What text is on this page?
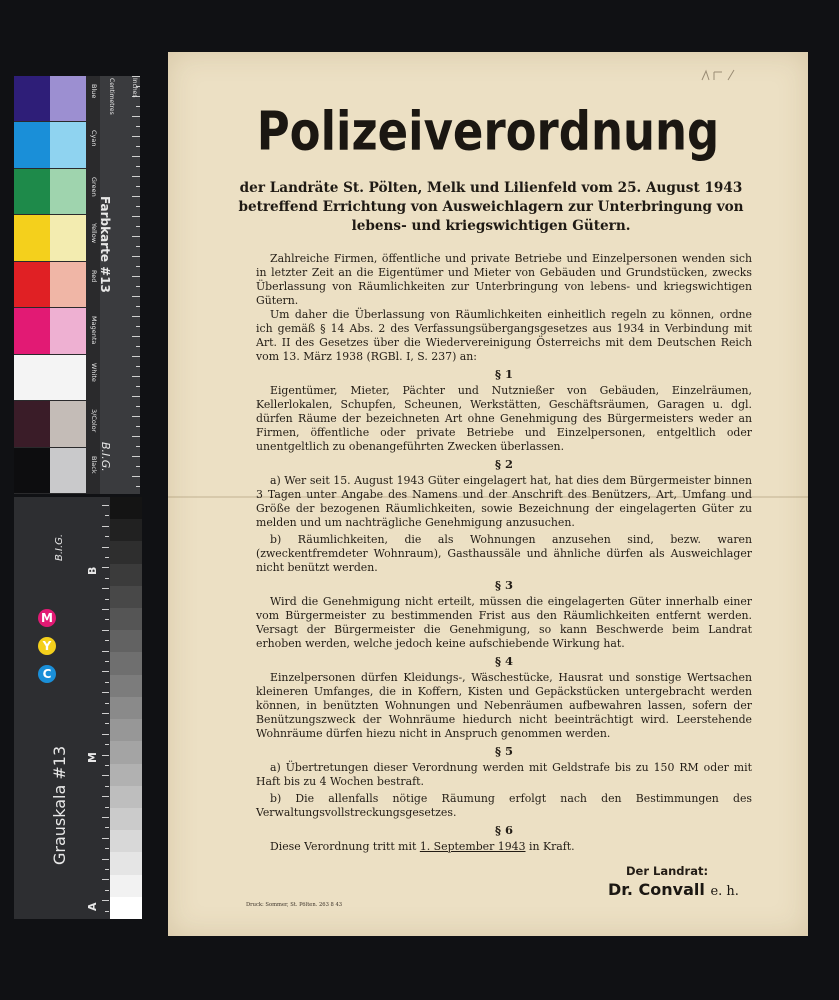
Farbkarte #13
B.I.G.
Inches
Centimetres
Blue
Cyan
Green
Yellow
Red
Magenta
White
3/Color
Black
Grauskala #13
B.I.G.
C
Y
M
A
M
B
Polizeiverordnung
der Landräte St. Pölten, Melk und Lilienfeld vom 25. August 1943 betreffend Errichtung von Ausweichlagern zur Unterbringung von lebens- und kriegswichtigen Gütern.

Zahlreiche Firmen, öffentliche und private Betriebe und Einzelpersonen wenden sich in letzter Zeit an die Eigentümer und Mieter von Gebäuden und Grundstücken, zwecks Überlassung von Räumlichkeiten zur Unterbringung von lebens- und kriegswichtigen Gütern.

Um daher die Überlassung von Räumlichkeiten einheitlich regeln zu können, ordne ich gemäß § 14 Abs. 2 des Verfassungsübergangsgesetzes aus 1934 in Verbindung mit Art. II des Gesetzes über die Wiedervereinigung Österreichs mit dem Deutschen Reich vom 13. März 1938 (RGBl. I, S. 237) an:

§ 1

Eigentümer, Mieter, Pächter und Nutznießer von Gebäuden, Einzelräumen, Kellerlokalen, Schupfen, Scheunen, Werkstätten, Geschäftsräumen, Garagen u. dgl. dürfen Räume der bezeichneten Art ohne Genehmigung des Bürgermeisters weder an Firmen, öffentliche oder private Betriebe und Einzelpersonen, entgeltlich oder unentgeltlich zu obenangeführten Zwecken überlassen.

§ 2

a) Wer seit 15. August 1943 Güter eingelagert hat, hat dies dem Bürgermeister binnen 3 Tagen unter Angabe des Namens und der Anschrift des Benützers, Art, Umfang und Größe der bezogenen Räumlichkeiten, sowie Bezeichnung der eingelagerten Güter zu melden und um nachträgliche Genehmigung anzusuchen.

b) Räumlichkeiten, die als Wohnungen anzusehen sind, bezw. waren (zweckentfremdeter Wohnraum), Gasthaussäle und ähnliche dürfen als Ausweichlager nicht benützt werden.

§ 3

Wird die Genehmigung nicht erteilt, müssen die eingelagerten Güter innerhalb einer vom Bürgermeister zu bestimmenden Frist aus den Räumlichkeiten entfernt werden. Versagt der Bürgermeister die Genehmigung, so kann Beschwerde beim Landrat erhoben werden, welche jedoch keine aufschiebende Wirkung hat.

§ 4

Einzelpersonen dürfen Kleidungs-, Wäschestücke, Hausrat und sonstige Wertsachen kleineren Umfanges, die in Koffern, Kisten und Gepäckstücken untergebracht werden können, in benützten Wohnungen und Nebenräumen aufbewahren lassen, sofern der Benützungszweck der Wohnräume hiedurch nicht beeinträchtigt wird. Leerstehende Wohnräume dürfen hiezu nicht in Anspruch genommen werden.

§ 5

a) Übertretungen dieser Verordnung werden mit Geldstrafe bis zu 150 RM oder mit Haft bis zu 4 Wochen bestraft.

b) Die allenfalls nötige Räumung erfolgt nach den Bestimmungen des Verwaltungsvollstreckungsgesetzes.

§ 6

Diese Verordnung tritt mit 1. September 1943 in Kraft.

Der Landrat:
Dr. Convall e. h.
Druck: Sommer, St. Pölten. 263 8 43
